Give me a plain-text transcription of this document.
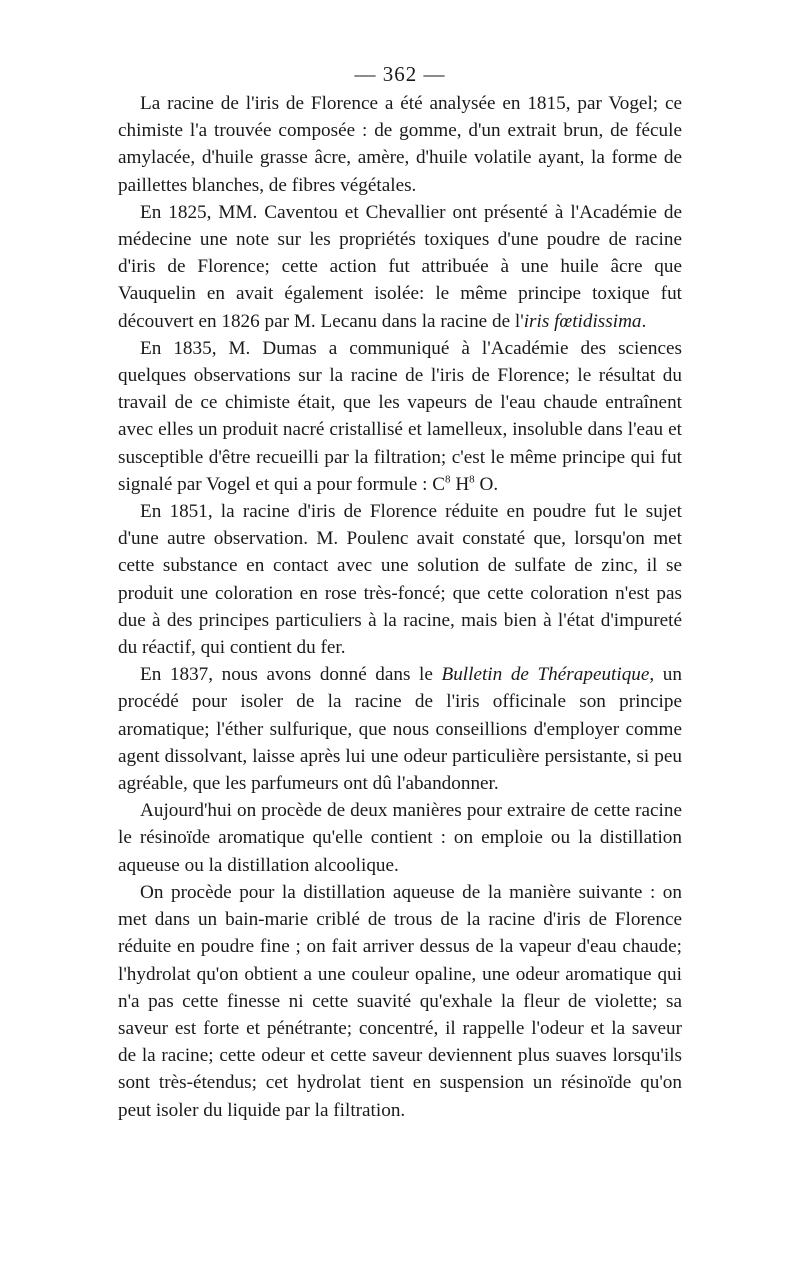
— 362 —

La racine de l'iris de Florence a été analysée en 1815, par Vogel; ce chimiste l'a trouvée composée : de gomme, d'un extrait brun, de fécule amylacée, d'huile grasse âcre, amère, d'huile volatile ayant, la forme de paillettes blanches, de fibres végétales.

En 1825, MM. Caventou et Chevallier ont présenté à l'Académie de médecine une note sur les propriétés toxiques d'une poudre de racine d'iris de Florence; cette action fut attribuée à une huile âcre que Vauquelin en avait également isolée: le même principe toxique fut découvert en 1826 par M. Lecanu dans la racine de l'iris fœtidissima.

En 1835, M. Dumas a communiqué à l'Académie des sciences quelques observations sur la racine de l'iris de Florence; le résultat du travail de ce chimiste était, que les vapeurs de l'eau chaude entraînent avec elles un produit nacré cristallisé et lamelleux, insoluble dans l'eau et susceptible d'être recueilli par la filtration; c'est le même principe qui fut signalé par Vogel et qui a pour formule : $C^8$ $H^8$ O.

En 1851, la racine d'iris de Florence réduite en poudre fut le sujet d'une autre observation. M. Poulenc avait constaté que, lorsqu'on met cette substance en contact avec une solution de sulfate de zinc, il se produit une coloration en rose très-foncé; que cette coloration n'est pas due à des principes particuliers à la racine, mais bien à l'état d'impureté du réactif, qui contient du fer.

En 1837, nous avons donné dans le Bulletin de Thérapeutique, un procédé pour isoler de la racine de l'iris officinale son principe aromatique; l'éther sulfurique, que nous conseillions d'employer comme agent dissolvant, laisse après lui une odeur particulière persistante, si peu agréable, que les parfumeurs ont dû l'abandonner.

Aujourd'hui on procède de deux manières pour extraire de cette racine le résinoïde aromatique qu'elle contient : on emploie ou la distillation aqueuse ou la distillation alcoolique.

On procède pour la distillation aqueuse de la manière suivante : on met dans un bain-marie criblé de trous de la racine d'iris de Florence réduite en poudre fine ; on fait arriver dessus de la vapeur d'eau chaude; l'hydrolat qu'on obtient a une couleur opaline, une odeur aromatique qui n'a pas cette finesse ni cette suavité qu'exhale la fleur de violette; sa saveur est forte et pénétrante; concentré, il rappelle l'odeur et la saveur de la racine; cette odeur et cette saveur deviennent plus suaves lorsqu'ils sont très-étendus; cet hydrolat tient en suspension un résinoïde qu'on peut isoler du liquide par la filtration.
